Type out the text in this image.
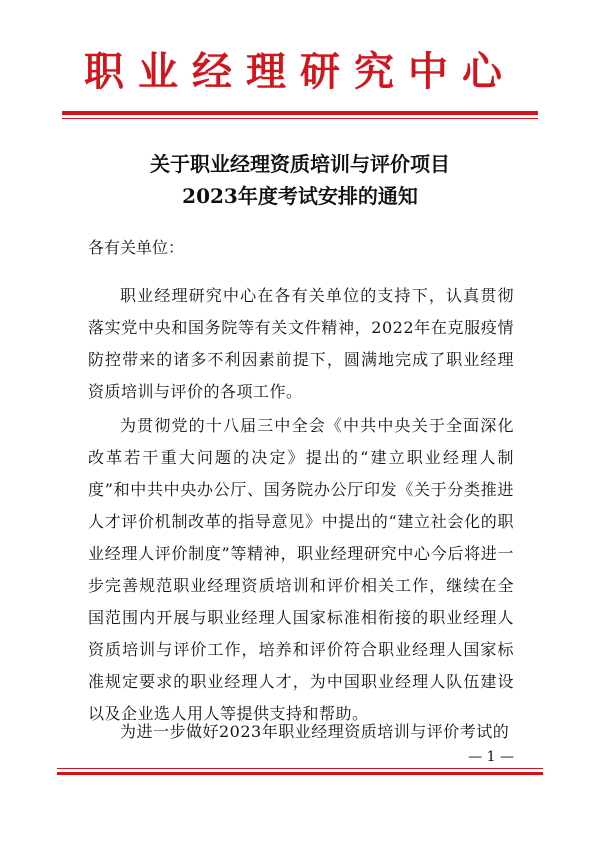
职业经理研究中心
关于职业经理资质培训与评价项目
2023年度考试安排的通知
各有关单位：

职业经理研究中心在各有关单位的支持下，认真贯彻落实党中央和国务院等有关文件精神，2022年在克服疫情防控带来的诸多不利因素前提下，圆满地完成了职业经理资质培训与评价的各项工作。

为贯彻党的十八届三中全会《中共中央关于全面深化改革若干重大问题的决定》提出的“建立职业经理人制度”和中共中央办公厅、国务院办公厅印发《关于分类推进人才评价机制改革的指导意见》中提出的“建立社会化的职业经理人评价制度”等精神，职业经理研究中心今后将进一步完善规范职业经理资质培训和评价相关工作，继续在全国范围内开展与职业经理人国家标准相衔接的职业经理人资质培训与评价工作，培养和评价符合职业经理人国家标准规定要求的职业经理人才，为中国职业经理人队伍建设以及企业选人用人等提供支持和帮助。

为进一步做好2023年职业经理资质培训与评价考试的

— 1 —
